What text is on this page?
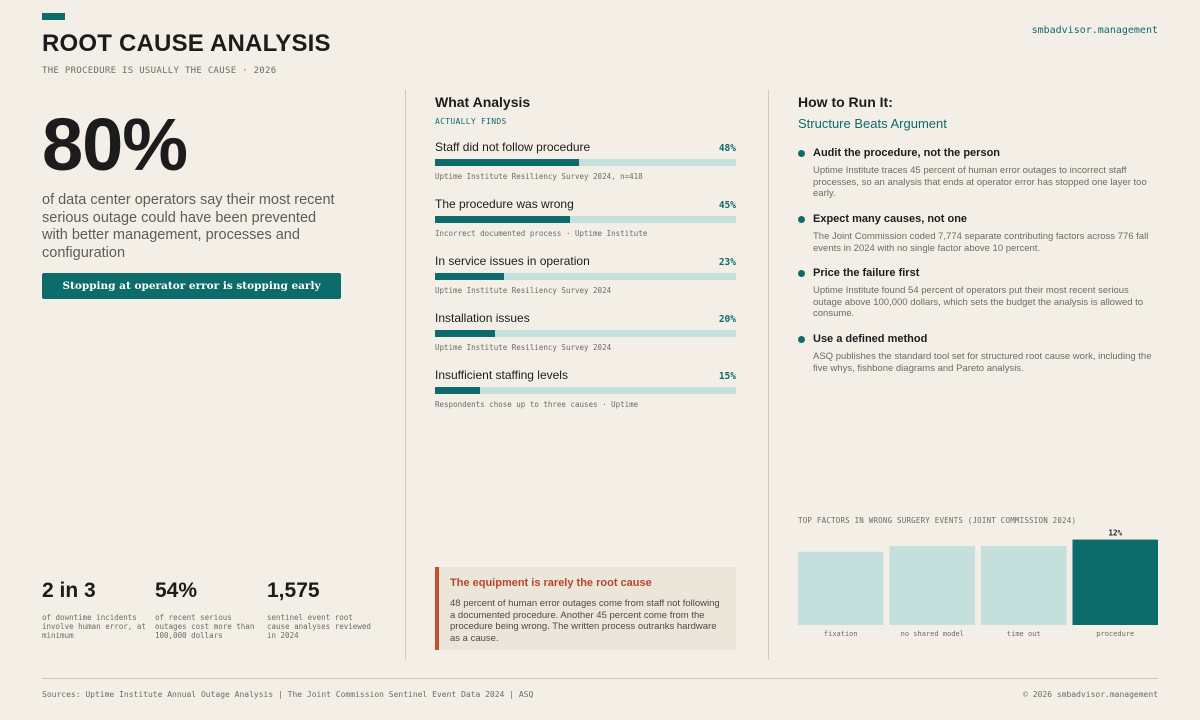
ROOT CAUSE ANALYSIS
THE PROCEDURE IS USUALLY THE CAUSE · 2026
smbadvisor.management
80%
of data center operators say their most recent serious outage could have been prevented with better management, processes and configuration
Stopping at operator error is stopping early
2 in 3
of downtime incidents involve human error, at minimum
54%
of recent serious outages cost more than 100,000 dollars
1,575
sentinel event root cause analyses reviewed in 2024
What Analysis
ACTUALLY FINDS
Staff did not follow procedure	48%
Uptime Institute Resiliency Survey 2024, n=418
The procedure was wrong	45%
Incorrect documented process · Uptime Institute
In service issues in operation	23%
Uptime Institute Resiliency Survey 2024
Installation issues	20%
Uptime Institute Resiliency Survey 2024
Insufficient staffing levels	15%
Respondents chose up to three causes · Uptime
The equipment is rarely the root cause
48 percent of human error outages come from staff not following a documented procedure. Another 45 percent come from the procedure being wrong. The written process outranks hardware as a cause.
How to Run It:
Structure Beats Argument
Audit the procedure, not the person
Uptime Institute traces 45 percent of human error outages to incorrect staff processes, so an analysis that ends at operator error has stopped one layer too early.
Expect many causes, not one
The Joint Commission coded 7,774 separate contributing factors across 776 fall events in 2024 with no single factor above 10 percent.
Price the failure first
Uptime Institute found 54 percent of operators put their most recent serious outage above 100,000 dollars, which sets the budget the analysis is allowed to consume.
Use a defined method
ASQ publishes the standard tool set for structured root cause work, including the five whys, fishbone diagrams and Pareto analysis.
TOP FACTORS IN WRONG SURGERY EVENTS (JOINT COMMISSION 2024)
fixation	no shared model	time out	procedure
12%
Sources: Uptime Institute Annual Outage Analysis | The Joint Commission Sentinel Event Data 2024 | ASQ	© 2026 smbadvisor.management
